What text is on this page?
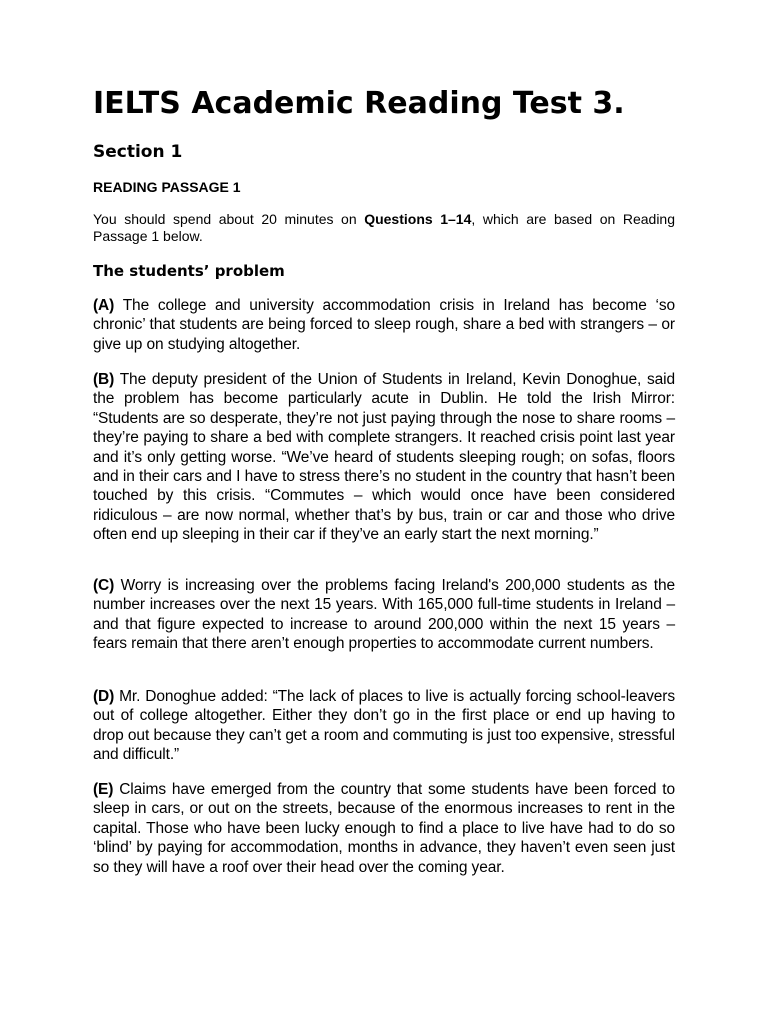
IELTS Academic Reading Test 3.
Section 1
READING PASSAGE 1

You should spend about 20 minutes on Questions 1–14, which are based on Reading Passage 1 below.

The students’ problem

(A) The college and university accommodation crisis in Ireland has become ‘so chronic’ that students are being forced to sleep rough, share a bed with strangers – or give up on studying altogether.

(B) The deputy president of the Union of Students in Ireland, Kevin Donoghue, said the problem has become particularly acute in Dublin. He told the Irish Mirror: “Students are so desperate, they’re not just paying through the nose to share rooms – they’re paying to share a bed with complete strangers. It reached crisis point last year and it’s only getting worse. “We’ve heard of students sleeping rough; on sofas, floors and in their cars and I have to stress there’s no student in the country that hasn’t been touched by this crisis. “Commutes – which would once have been considered ridiculous – are now normal, whether that’s by bus, train or car and those who drive often end up sleeping in their car if they’ve an early start the next morning.”

(C) Worry is increasing over the problems facing Ireland's 200,000 students as the number increases over the next 15 years. With 165,000 full-time students in Ireland – and that figure expected to increase to around 200,000 within the next 15 years –fears remain that there aren’t enough properties to accommodate current numbers.

(D) Mr. Donoghue added: “The lack of places to live is actually forcing school-leavers out of college altogether. Either they don’t go in the first place or end up having to drop out because they can’t get a room and commuting is just too expensive, stressful and difficult.”

(E) Claims have emerged from the country that some students have been forced to sleep in cars, or out on the streets, because of the enormous increases to rent in the capital. Those who have been lucky enough to find a place to live have had to do so ‘blind’ by paying for accommodation, months in advance, they haven’t even seen just so they will have a roof over their head over the coming year.
